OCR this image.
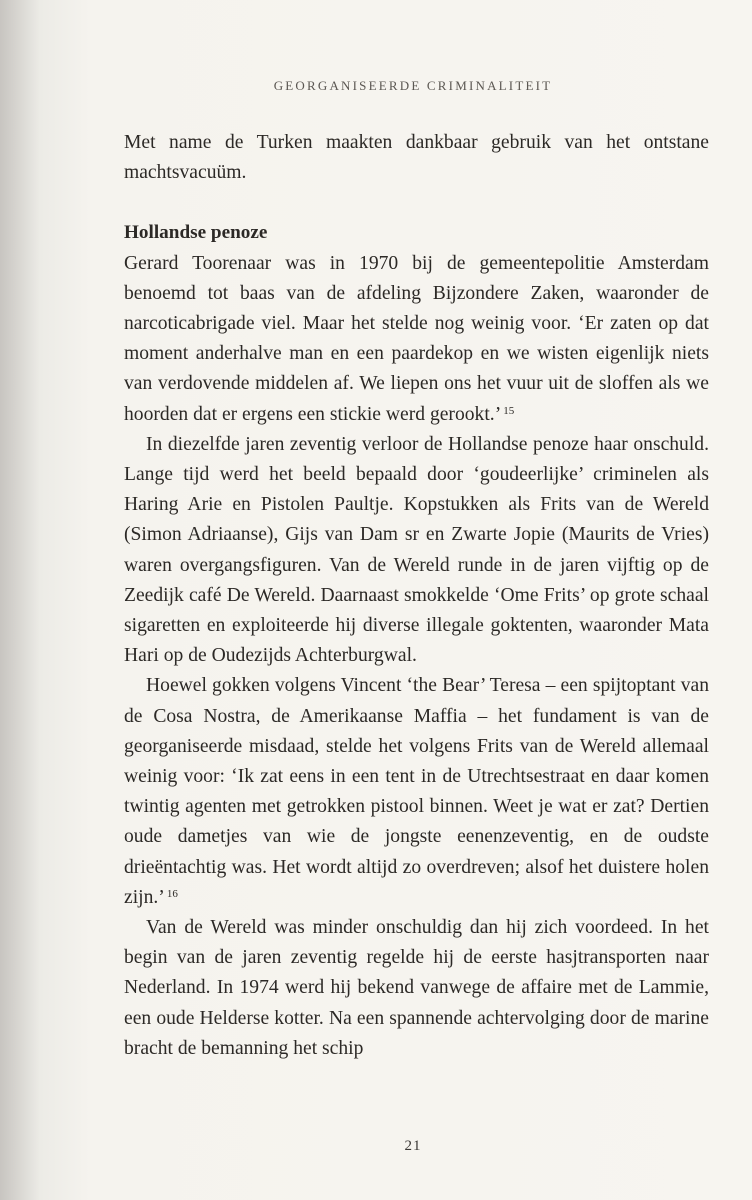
GEORGANISEERDE CRIMINALITEIT

Met name de Turken maakten dankbaar gebruik van het ontstane machtsvacuüm.

Hollandse penoze

Gerard Toorenaar was in 1970 bij de gemeentepolitie Amsterdam benoemd tot baas van de afdeling Bijzondere Zaken, waaronder de narcoticabrigade viel. Maar het stelde nog weinig voor. ‘Er zaten op dat moment anderhalve man en een paardekop en we wisten eigenlijk niets van verdovende middelen af. We liepen ons het vuur uit de sloffen als we hoorden dat er ergens een stickie werd gerookt.’ $^{15}$

In diezelfde jaren zeventig verloor de Hollandse penoze haar onschuld. Lange tijd werd het beeld bepaald door ‘goudeerlijke’ criminelen als Haring Arie en Pistolen Paultje. Kopstukken als Frits van de Wereld (Simon Adriaanse), Gijs van Dam sr en Zwarte Jopie (Maurits de Vries) waren overgangsfiguren. Van de Wereld runde in de jaren vijftig op de Zeedijk café De Wereld. Daarnaast smokkelde ‘Ome Frits’ op grote schaal sigaretten en exploiteerde hij diverse illegale goktenten, waaronder Mata Hari op de Oudezijds Achterburgwal.

Hoewel gokken volgens Vincent ‘the Bear’ Teresa – een spijtoptant van de Cosa Nostra, de Amerikaanse Maffia – het fundament is van de georganiseerde misdaad, stelde het volgens Frits van de Wereld allemaal weinig voor: ‘Ik zat eens in een tent in de Utrechtsestraat en daar komen twintig agenten met getrokken pistool binnen. Weet je wat er zat? Dertien oude dametjes van wie de jongste eenenzeventig, en de oudste drieëntachtig was. Het wordt altijd zo overdreven; alsof het duistere holen zijn.’ $^{16}$

Van de Wereld was minder onschuldig dan hij zich voordeed. In het begin van de jaren zeventig regelde hij de eerste hasjtransporten naar Nederland. In 1974 werd hij bekend vanwege de affaire met de Lammie, een oude Helderse kotter. Na een spannende achtervolging door de marine bracht de bemanning het schip

21
